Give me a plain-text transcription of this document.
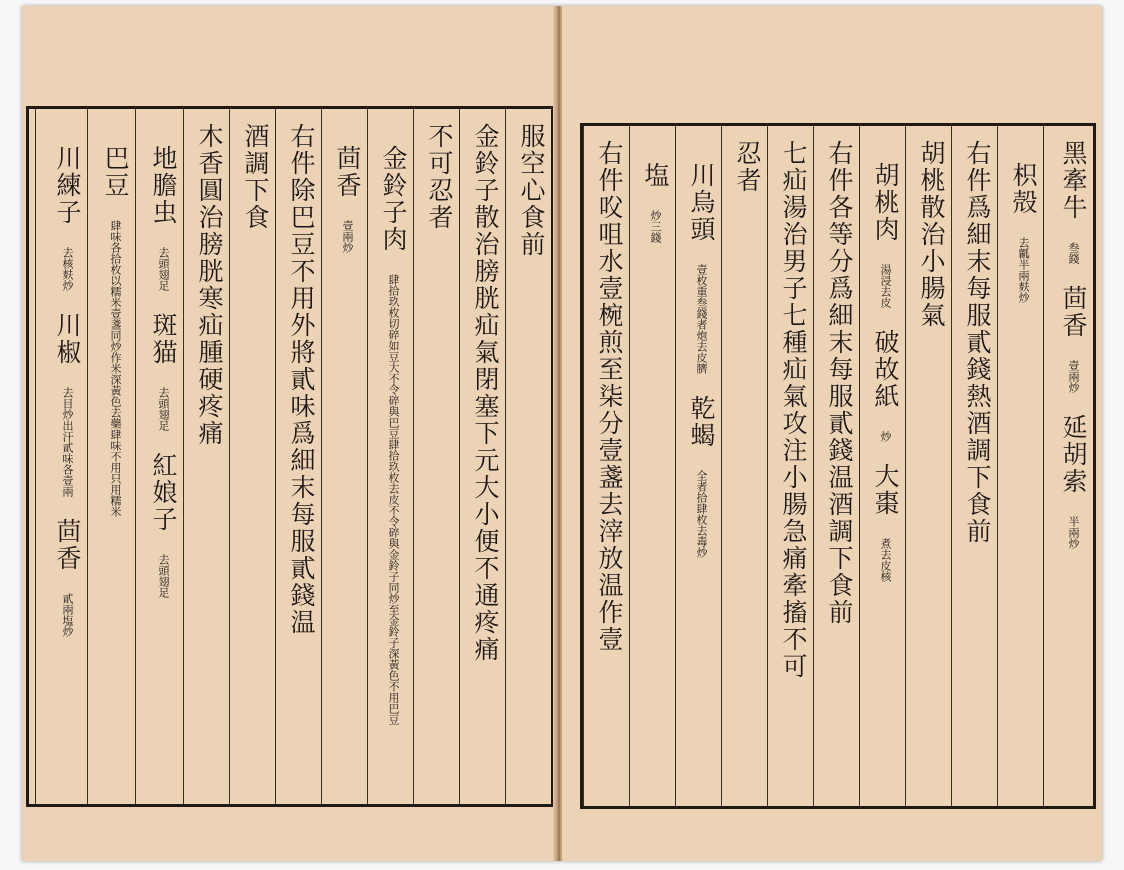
服空心食前
金鈴子散治膀胱疝氣閉塞下元大小便不通疼痛
不可忍者
金鈴子肉 肆拾玖枚切碎如豆大不令碎與巴豆肆拾玖枚去皮不令碎與金鈴子同炒至金鈴子深黃色不用巴豆
茴香 壹兩炒
右件除巴豆不用外將貳味爲細末每服貳錢温
酒調下食
木香圓治膀胱寒疝腫硬疼痛
地膽虫 去頭翅足 斑猫 去頭翅足 紅娘子 去頭翅足
巴豆 肆味各拾枚以糯米壹盞同炒作米深黃色去藥肆味不用只用糯米
川練子 去核麸炒 川椒 去目炒出汗貳味各壹兩 茴香 貳兩塩炒
黑牽牛 叁錢 茴香 壹兩炒 延胡索 半兩炒
枳殻 去瓤半兩麸炒
右件爲細末每服貳錢熱酒調下食前
胡桃散治小腸氣
胡桃肉 湯浸去皮 破故紙 炒 大棗 煮去皮核
右件各等分爲細末每服貳錢温酒調下食前
七疝湯治男子七種疝氣攻注小腸急痛牽搐不可
忍者
川烏頭 壹枚重叁錢者炮去皮臍 乾蝎 全者拾肆枚去毒炒
塩 炒三錢
右件㕮咀水壹椀煎至柒分壹盞去滓放温作壹
